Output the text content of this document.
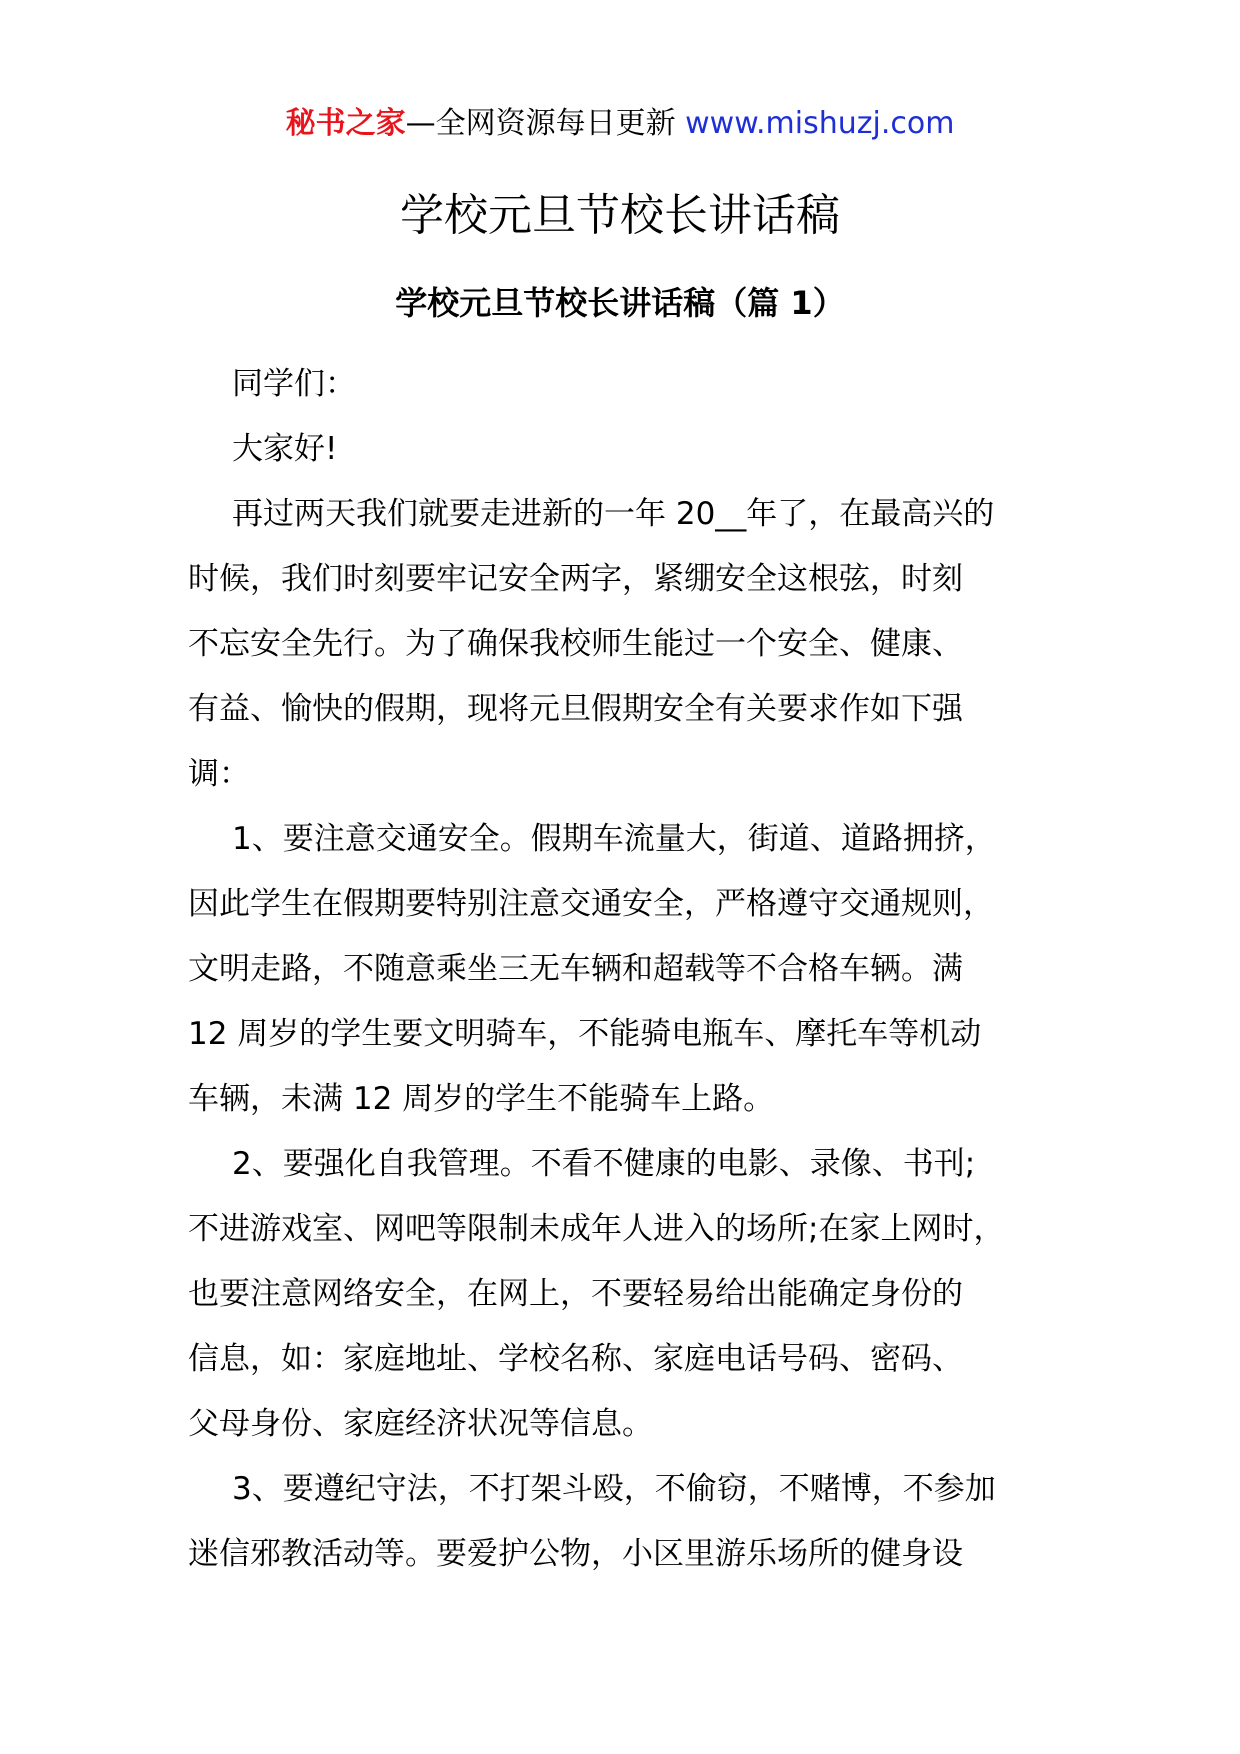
秘书之家—全网资源每日更新 www.mishuzj.com
学校元旦节校长讲话稿
学校元旦节校长讲话稿（篇 1）
同学们：
大家好!
再过两天我们就要走进新的一年 20__年了，在最高兴的
时候，我们时刻要牢记安全两字，紧绷安全这根弦，时刻
不忘安全先行。为了确保我校师生能过一个安全、健康、
有益、愉快的假期，现将元旦假期安全有关要求作如下强
调：
1、要注意交通安全。假期车流量大，街道、道路拥挤，
因此学生在假期要特别注意交通安全，严格遵守交通规则，
文明走路，不随意乘坐三无车辆和超载等不合格车辆。满
12 周岁的学生要文明骑车，不能骑电瓶车、摩托车等机动
车辆，未满 12 周岁的学生不能骑车上路。
2、要强化自我管理。不看不健康的电影、录像、书刊;
不进游戏室、网吧等限制未成年人进入的场所;在家上网时，
也要注意网络安全，在网上，不要轻易给出能确定身份的
信息，如：家庭地址、学校名称、家庭电话号码、密码、
父母身份、家庭经济状况等信息。
3、要遵纪守法，不打架斗殴，不偷窃，不赌博，不参加
迷信邪教活动等。要爱护公物，小区里游乐场所的健身设
